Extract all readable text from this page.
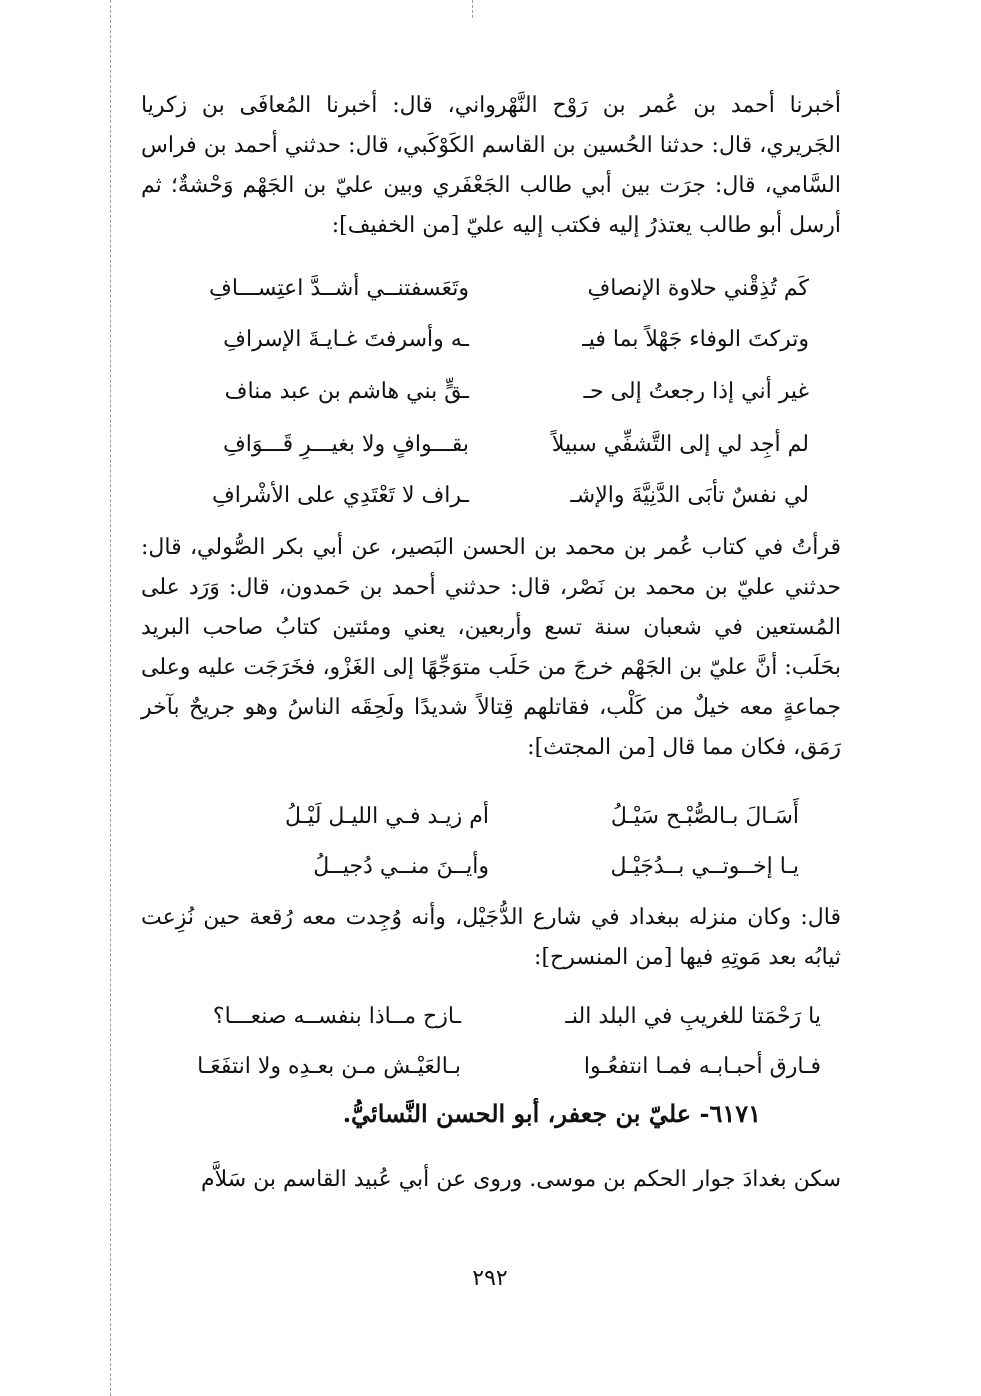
أخبرنا أحمد بن عُمر بن رَوْح النَّهْرواني، قال: أخبرنا المُعافَى بن زكريا الجَريري، قال: حدثنا الحُسين بن القاسم الكَوْكَبي، قال: حدثني أحمد بن فراس السَّامي، قال: جرَت بين أبي طالب الجَعْفَري وبين عليّ بن الجَهْم وَحْشةٌ؛ ثم أرسل أبو طالب يعتذرُ إليه فكتب إليه عليّ [من الخفيف]:
كَم تُذِقْني حلاوة الإنصافِ
وتَعَسفتنــي أشــدَّ اعتِســـافِ
وتركتَ الوفاء جَهْلاً بما فيـ
ـه وأسرفتَ غـايـةَ الإسرافِ
غير أني إذا رجعتُ إلى حـ
ـقٍّ بني هاشم بن عبد مناف
لم أجِد لي إلى التَّشفِّي سبيلاً
بقـــوافٍ ولا بغيـــرِ قَـــوَافِ
لي نفسٌ تأبَى الدَّنِيَّةَ والإشـ
ـراف لا تَعْتَدِي على الأشْرافِ
قرأتُ في كتاب عُمر بن محمد بن الحسن البَصير، عن أبي بكر الصُّولي، قال: حدثني عليّ بن محمد بن نَصْر، قال: حدثني أحمد بن حَمدون، قال: وَرَد على المُستعين في شعبان سنة تسع وأربعين، يعني ومئتين كتابُ صاحب البريد بحَلَب: أنَّ عليّ بن الجَهْم خرجَ من حَلَب متوَجِّهًا إلى الغَزْو، فخَرَجَت عليه وعلى جماعةٍ معه خيلٌ من كَلْب، فقاتلهم قِتالاً شديدًا ولَحِقَه الناسُ وهو جريحٌ بآخر رَمَق، فكان مما قال [من المجتث]:
أَسَـالَ بـالصُّبْـح سَيْـلُ
أم زيـد فـي الليـل لَيْـلُ
يـا إخــوتــي بــدُجَيْـل
وأيــنَ منــي دُجيــلُ
قال: وكان منزله ببغداد في شارع الدُّجَيْل، وأنه وُجِدت معه رُقعة حين نُزِعت ثيابُه بعد مَوتِهِ فيها [من المنسرح]:
يا رَحْمَتا للغريبِ في البلد النـ
ـازح مــاذا بنفســه صنعـــا؟
فـارق أحبـابـه فمـا انتفعُـوا
بـالعَيْـش مـن بعـدِه ولا انتفَعَـا
٦١٧١- عليّ بن جعفر، أبو الحسن النَّسائيُّ.
سكن بغدادَ جوار الحكم بن موسى. وروى عن أبي عُبيد القاسم بن سَلاَّم
٢٩٢
